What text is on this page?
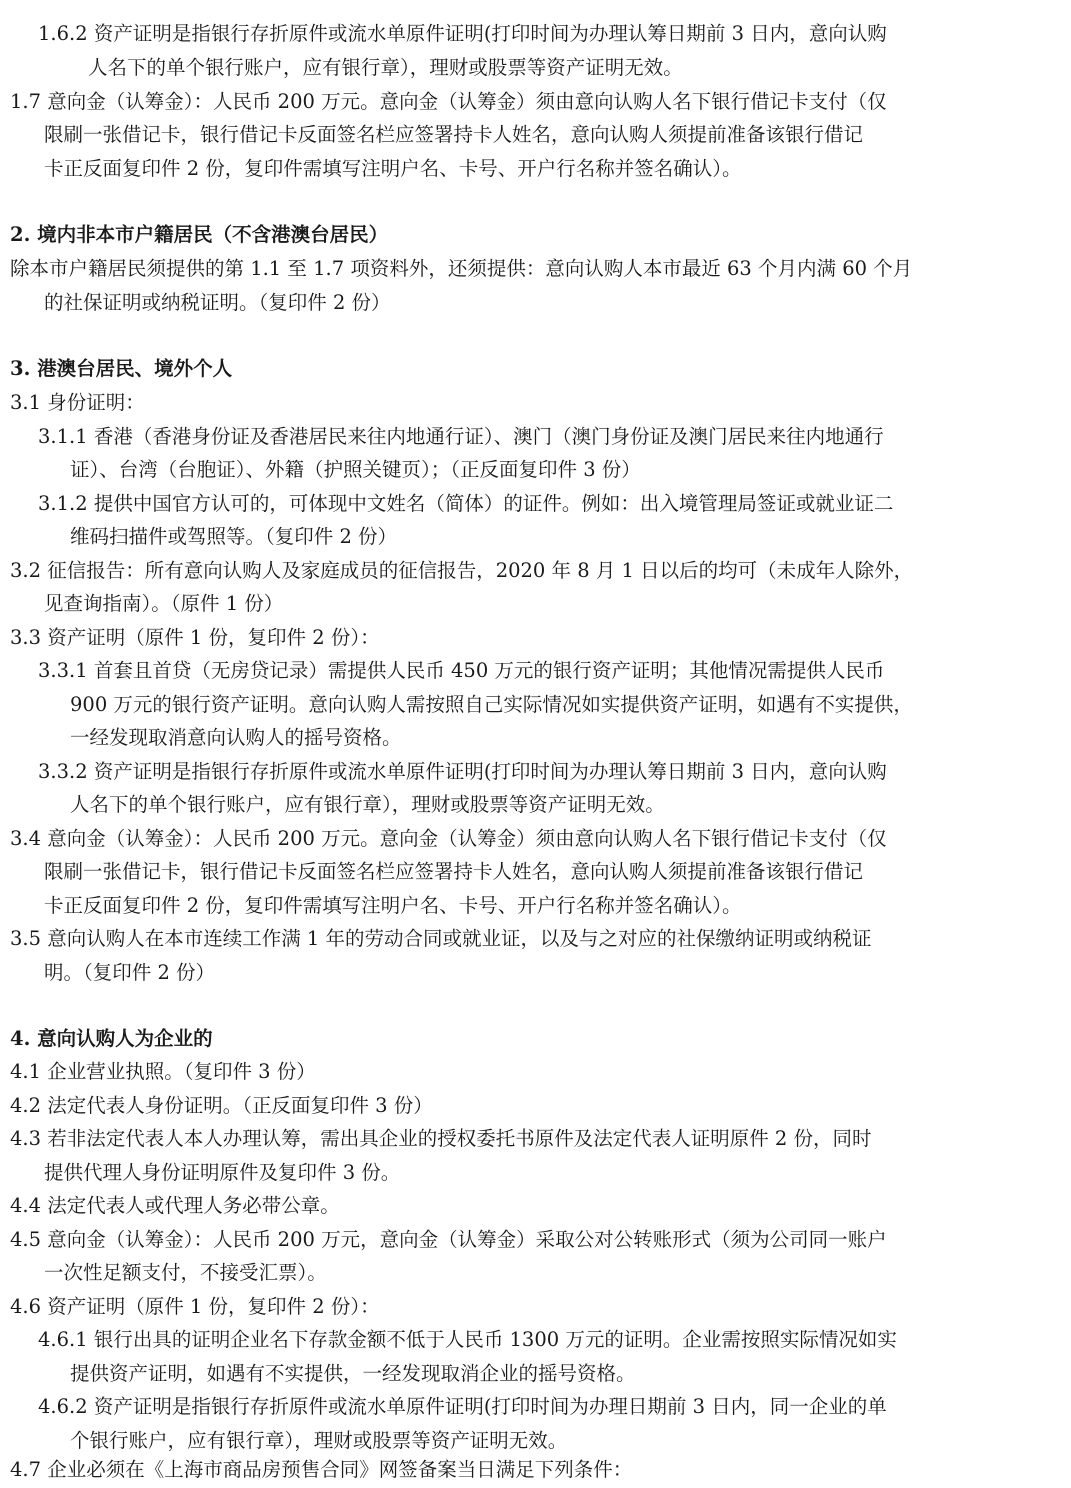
1.6.2 资产证明是指银行存折原件或流水单原件证明(打印时间为办理认筹日期前 3 日内，意向认购
人名下的单个银行账户，应有银行章），理财或股票等资产证明无效。
1.7 意向金（认筹金）：人民币 200 万元。意向金（认筹金）须由意向认购人名下银行借记卡支付（仅
限刷一张借记卡，银行借记卡反面签名栏应签署持卡人姓名，意向认购人须提前准备该银行借记
卡正反面复印件 2 份，复印件需填写注明户名、卡号、开户行名称并签名确认）。
2. 境内非本市户籍居民（不含港澳台居民）
除本市户籍居民须提供的第 1.1 至 1.7 项资料外，还须提供：意向认购人本市最近 63 个月内满 60 个月
的社保证明或纳税证明。（复印件 2 份）
3. 港澳台居民、境外个人
3.1 身份证明：
3.1.1 香港（香港身份证及香港居民来往内地通行证）、澳门（澳门身份证及澳门居民来往内地通行
证）、台湾（台胞证）、外籍（护照关键页）；（正反面复印件 3 份）
3.1.2 提供中国官方认可的，可体现中文姓名（简体）的证件。例如：出入境管理局签证或就业证二
维码扫描件或驾照等。（复印件 2 份）
3.2 征信报告：所有意向认购人及家庭成员的征信报告，2020 年 8 月 1 日以后的均可（未成年人除外，
见查询指南）。（原件 1 份）
3.3 资产证明（原件 1 份，复印件 2 份）：
3.3.1 首套且首贷（无房贷记录）需提供人民币 450 万元的银行资产证明；其他情况需提供人民币
900 万元的银行资产证明。意向认购人需按照自己实际情况如实提供资产证明，如遇有不实提供，
一经发现取消意向认购人的摇号资格。
3.3.2 资产证明是指银行存折原件或流水单原件证明(打印时间为办理认筹日期前 3 日内，意向认购
人名下的单个银行账户，应有银行章），理财或股票等资产证明无效。
3.4 意向金（认筹金）：人民币 200 万元。意向金（认筹金）须由意向认购人名下银行借记卡支付（仅
限刷一张借记卡，银行借记卡反面签名栏应签署持卡人姓名，意向认购人须提前准备该银行借记
卡正反面复印件 2 份，复印件需填写注明户名、卡号、开户行名称并签名确认）。
3.5 意向认购人在本市连续工作满 1 年的劳动合同或就业证，以及与之对应的社保缴纳证明或纳税证
明。（复印件 2 份）
4. 意向认购人为企业的
4.1 企业营业执照。（复印件 3 份）
4.2 法定代表人身份证明。（正反面复印件 3 份）
4.3 若非法定代表人本人办理认筹，需出具企业的授权委托书原件及法定代表人证明原件 2 份，同时
提供代理人身份证明原件及复印件 3 份。
4.4 法定代表人或代理人务必带公章。
4.5 意向金（认筹金）：人民币 200 万元，意向金（认筹金）采取公对公转账形式（须为公司同一账户
一次性足额支付，不接受汇票）。
4.6 资产证明（原件 1 份，复印件 2 份）：
4.6.1 银行出具的证明企业名下存款金额不低于人民币 1300 万元的证明。企业需按照实际情况如实
提供资产证明，如遇有不实提供，一经发现取消企业的摇号资格。
4.6.2 资产证明是指银行存折原件或流水单原件证明(打印时间为办理日期前 3 日内，同一企业的单
个银行账户，应有银行章），理财或股票等资产证明无效。
4.7 企业必须在《上海市商品房预售合同》网签备案当日满足下列条件：
